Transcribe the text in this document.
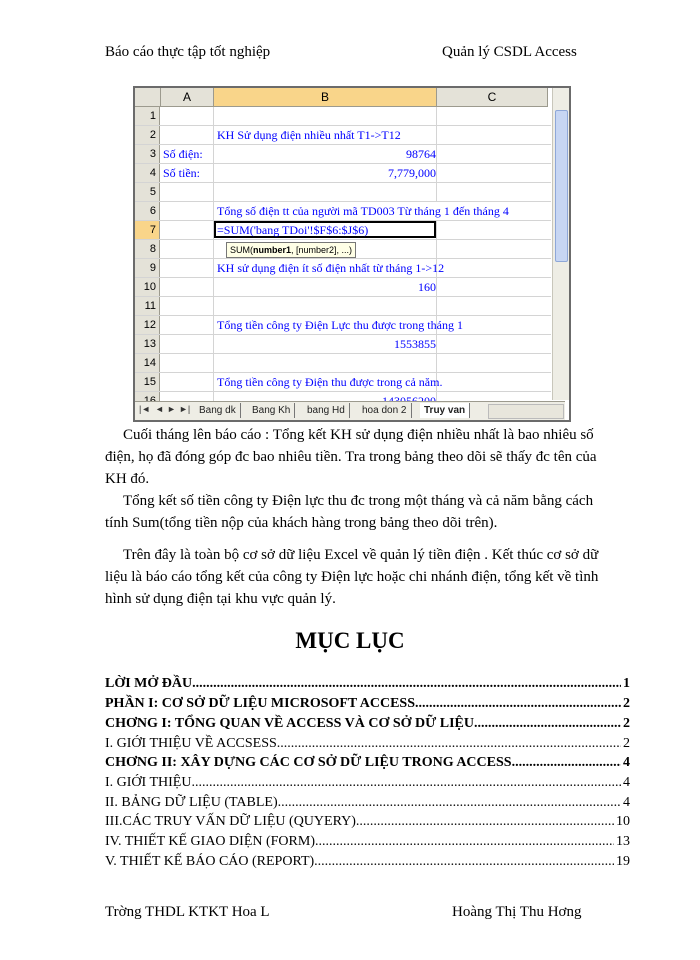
Báo cáo thực tập tốt nghiệp	Quản lý CSDL Access
A	B	C
1
2	KH Sử dụng điện nhiều nhất T1->T12
3 Số điện:	98764
4 Số tiền:	7,779,000
5
6	Tổng số điện tt của người mã TD003 Từ tháng 1 đến tháng 4
7	=SUM('bang TDoi'!$F$6:$J$6)
8	SUM(number1, [number2], ...)
9	KH sử dụng điện ít số điện nhất từ tháng 1->12
10	160
11
12	Tổng tiền công ty Điện Lực thu được trong tháng 1
13	1553855
14
15	Tổng tiền công ty Điện thu được trong cả năm.
|◄ ◄ ► ►| Bang dk	Bang Kh	bang Hd	hoa don 2	Truy van
Cuối tháng lên báo cáo : Tổng kết KH sử dụng điện nhiều nhất là bao nhiêu số điện, họ đã đóng góp đc bao nhiêu tiền. Tra trong bảng theo dõi sẽ thấy đc tên của KH đó.
Tổng kết số tiền công ty Điện lực thu đc trong một tháng và cả năm bằng cách tính Sum(tổng tiền nộp của khách hàng trong bảng theo dõi trên).
Trên đây là toàn bộ cơ sở dữ liệu Excel về quản lý tiền điện . Kết thúc cơ sở dữ liệu là báo cáo tổng kết của công ty Điện lực hoặc chi nhánh điện, tổng kết về tình hình sử dụng điện tại khu vực quản lý.
MỤC LỤC
LỜI MỞ ĐẦU .....	1
PHẦN I: CƠ SỞ DỮ LIỆU MICROSOFT ACCESS .....	2
CHƠNG I: TỔNG QUAN VỀ ACCESS VÀ CƠ SỞ DỮ LIỆU .....	2
I. GIỚI THIỆU VỀ ACCSESS .....	2
CHƠNG II: XÂY DỰNG CÁC CƠ SỞ DỮ LIỆU TRONG ACCESS .....	4
I. GIỚI THIỆU .....	4
II. BẢNG DỮ LIỆU (TABLE) .....	4
III.CÁC TRUY VẤN DỮ LIỆU (QUYERY) .....	10
IV. THIẾT KẾ GIAO DIỆN (FORM) .....	13
V. THIẾT KẾ BÁO CÁO (REPORT). .....	19
Trờng THDL KTKT Hoa L	Hoàng Thị Thu Hơng
